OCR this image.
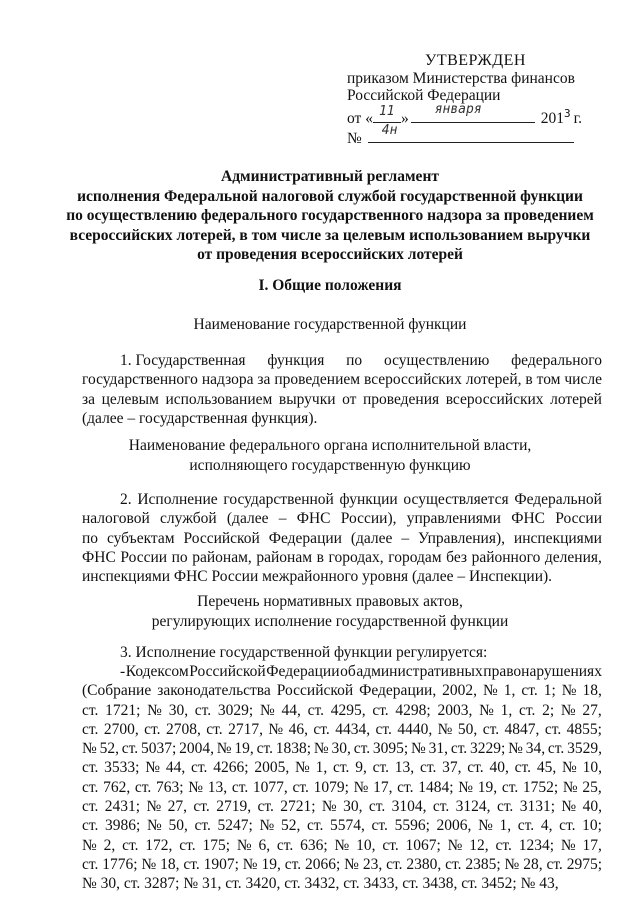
УТВЕРЖДЕН
приказом Министерства финансов
Российской Федерации
от « 11 »
января
$201^3$ г.
№ 4н
Административный регламент
исполнения Федеральной налоговой службой государственной функции
по осуществлению федерального государственного надзора за проведением
всероссийских лотерей, в том числе за целевым использованием выручки
от проведения всероссийских лотерей
I. Общие положения
Наименование государственной функции
1. Государственная функция по осуществлению федерального
государственного надзора за проведением всероссийских лотерей, в том числе
за целевым использованием выручки от проведения всероссийских лотерей
(далее – государственная функция).
Наименование федерального органа исполнительной власти,
исполняющего государственную функцию
2. Исполнение государственной функции осуществляется Федеральной
налоговой службой (далее – ФНС России), управлениями ФНС России
по субъектам Российской Федерации (далее – Управления), инспекциями
ФНС России по районам, районам в городах, городам без районного деления,
инспекциями ФНС России межрайонного уровня (далее – Инспекции).
Перечень нормативных правовых актов,
регулирующих исполнение государственной функции
3. Исполнение государственной функции регулируется:
- Кодексом Российской Федерации об административных правонарушениях
(Собрание законодательства Российской Федерации, 2002, № 1, ст. 1; № 18,
ст. 1721; № 30, ст. 3029; № 44, ст. 4295, ст. 4298; 2003, № 1, ст. 2; № 27,
ст. 2700, ст. 2708, ст. 2717, № 46, ст. 4434, ст. 4440, № 50, ст. 4847, ст. 4855;
№ 52, ст. 5037; 2004, № 19, ст. 1838; № 30, ст. 3095; № 31, ст. 3229; № 34, ст. 3529,
ст. 3533; № 44, ст. 4266; 2005, № 1, ст. 9, ст. 13, ст. 37, ст. 40, ст. 45, № 10,
ст. 762, ст. 763; № 13, ст. 1077, ст. 1079; № 17, ст. 1484; № 19, ст. 1752; № 25,
ст. 2431; № 27, ст. 2719, ст. 2721; № 30, ст. 3104, ст. 3124, ст. 3131; № 40,
ст. 3986; № 50, ст. 5247; № 52, ст. 5574, ст. 5596; 2006, № 1, ст. 4, ст. 10;
№ 2, ст. 172, ст. 175; № 6, ст. 636; № 10, ст. 1067; № 12, ст. 1234; № 17,
ст. 1776; № 18, ст. 1907; № 19, ст. 2066; № 23, ст. 2380, ст. 2385; № 28, ст. 2975;
№ 30, ст. 3287; № 31, ст. 3420, ст. 3432, ст. 3433, ст. 3438, ст. 3452; № 43,
